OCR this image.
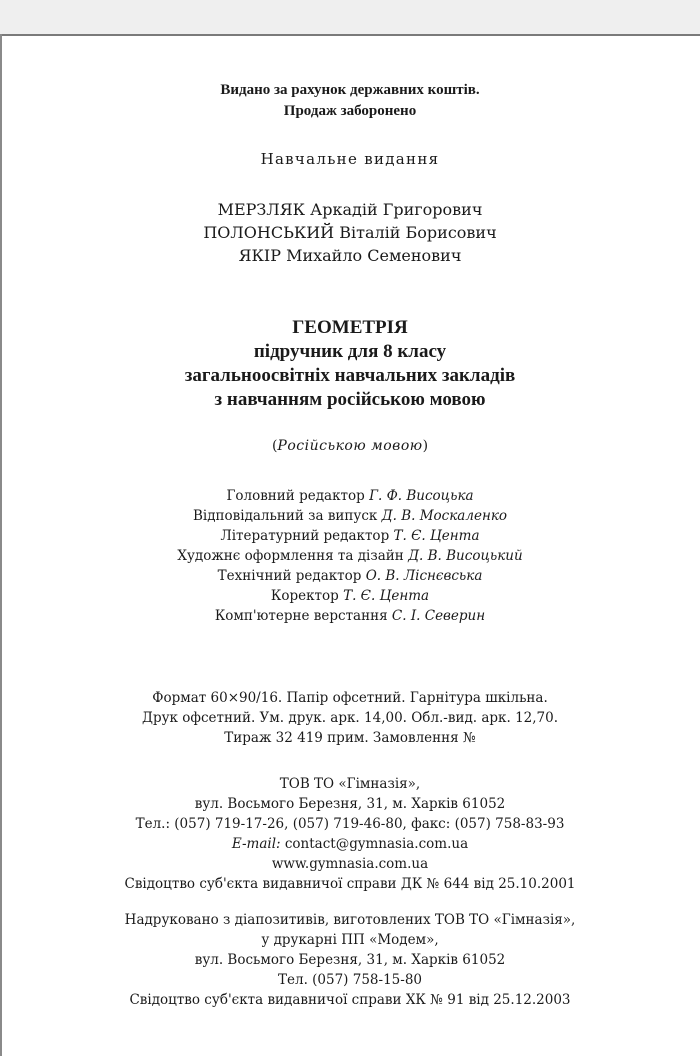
Видано за рахунок державних коштів.
Продаж заборонено
Навчальне видання
МЕРЗЛЯК Аркадій Григорович
ПОЛОНСЬКИЙ Віталій Борисович
ЯКІР Михайло Семенович
ГЕОМЕТРІЯ
підручник для 8 класу
загальноосвітніх навчальних закладів
з навчанням російською мовою
(Російською мовою)
Головний редактор Г. Ф. Висоцька
Відповідальний за випуск Д. В. Москаленко
Літературний редактор Т. Є. Цента
Художнє оформлення та дізайн Д. В. Висоцький
Технічний редактор О. В. Ліснєвська
Коректор Т. Є. Цента
Комп'ютерне верстання С. І. Северин
Формат 60×90/16. Папір офсетний. Гарнітура шкільна.
Друк офсетний. Ум. друк. арк. 14,00. Обл.-вид. арк. 12,70.
Тираж 32 419 прим. Замовлення №
ТОВ ТО «Гімназія»,
вул. Восьмого Березня, 31, м. Харків 61052
Тел.: (057) 719-17-26, (057) 719-46-80, факс: (057) 758-83-93
E-mail: contact@gymnasia.com.ua
www.gymnasia.com.ua
Свідоцтво суб'єкта видавничої справи ДК № 644 від 25.10.2001
Надруковано з діапозитивів, виготовлених ТОВ ТО «Гімназія»,
у друкарні ПП «Модем»,
вул. Восьмого Березня, 31, м. Харків 61052
Тел. (057) 758-15-80
Свідоцтво суб'єкта видавничої справи ХК № 91 від 25.12.2003
